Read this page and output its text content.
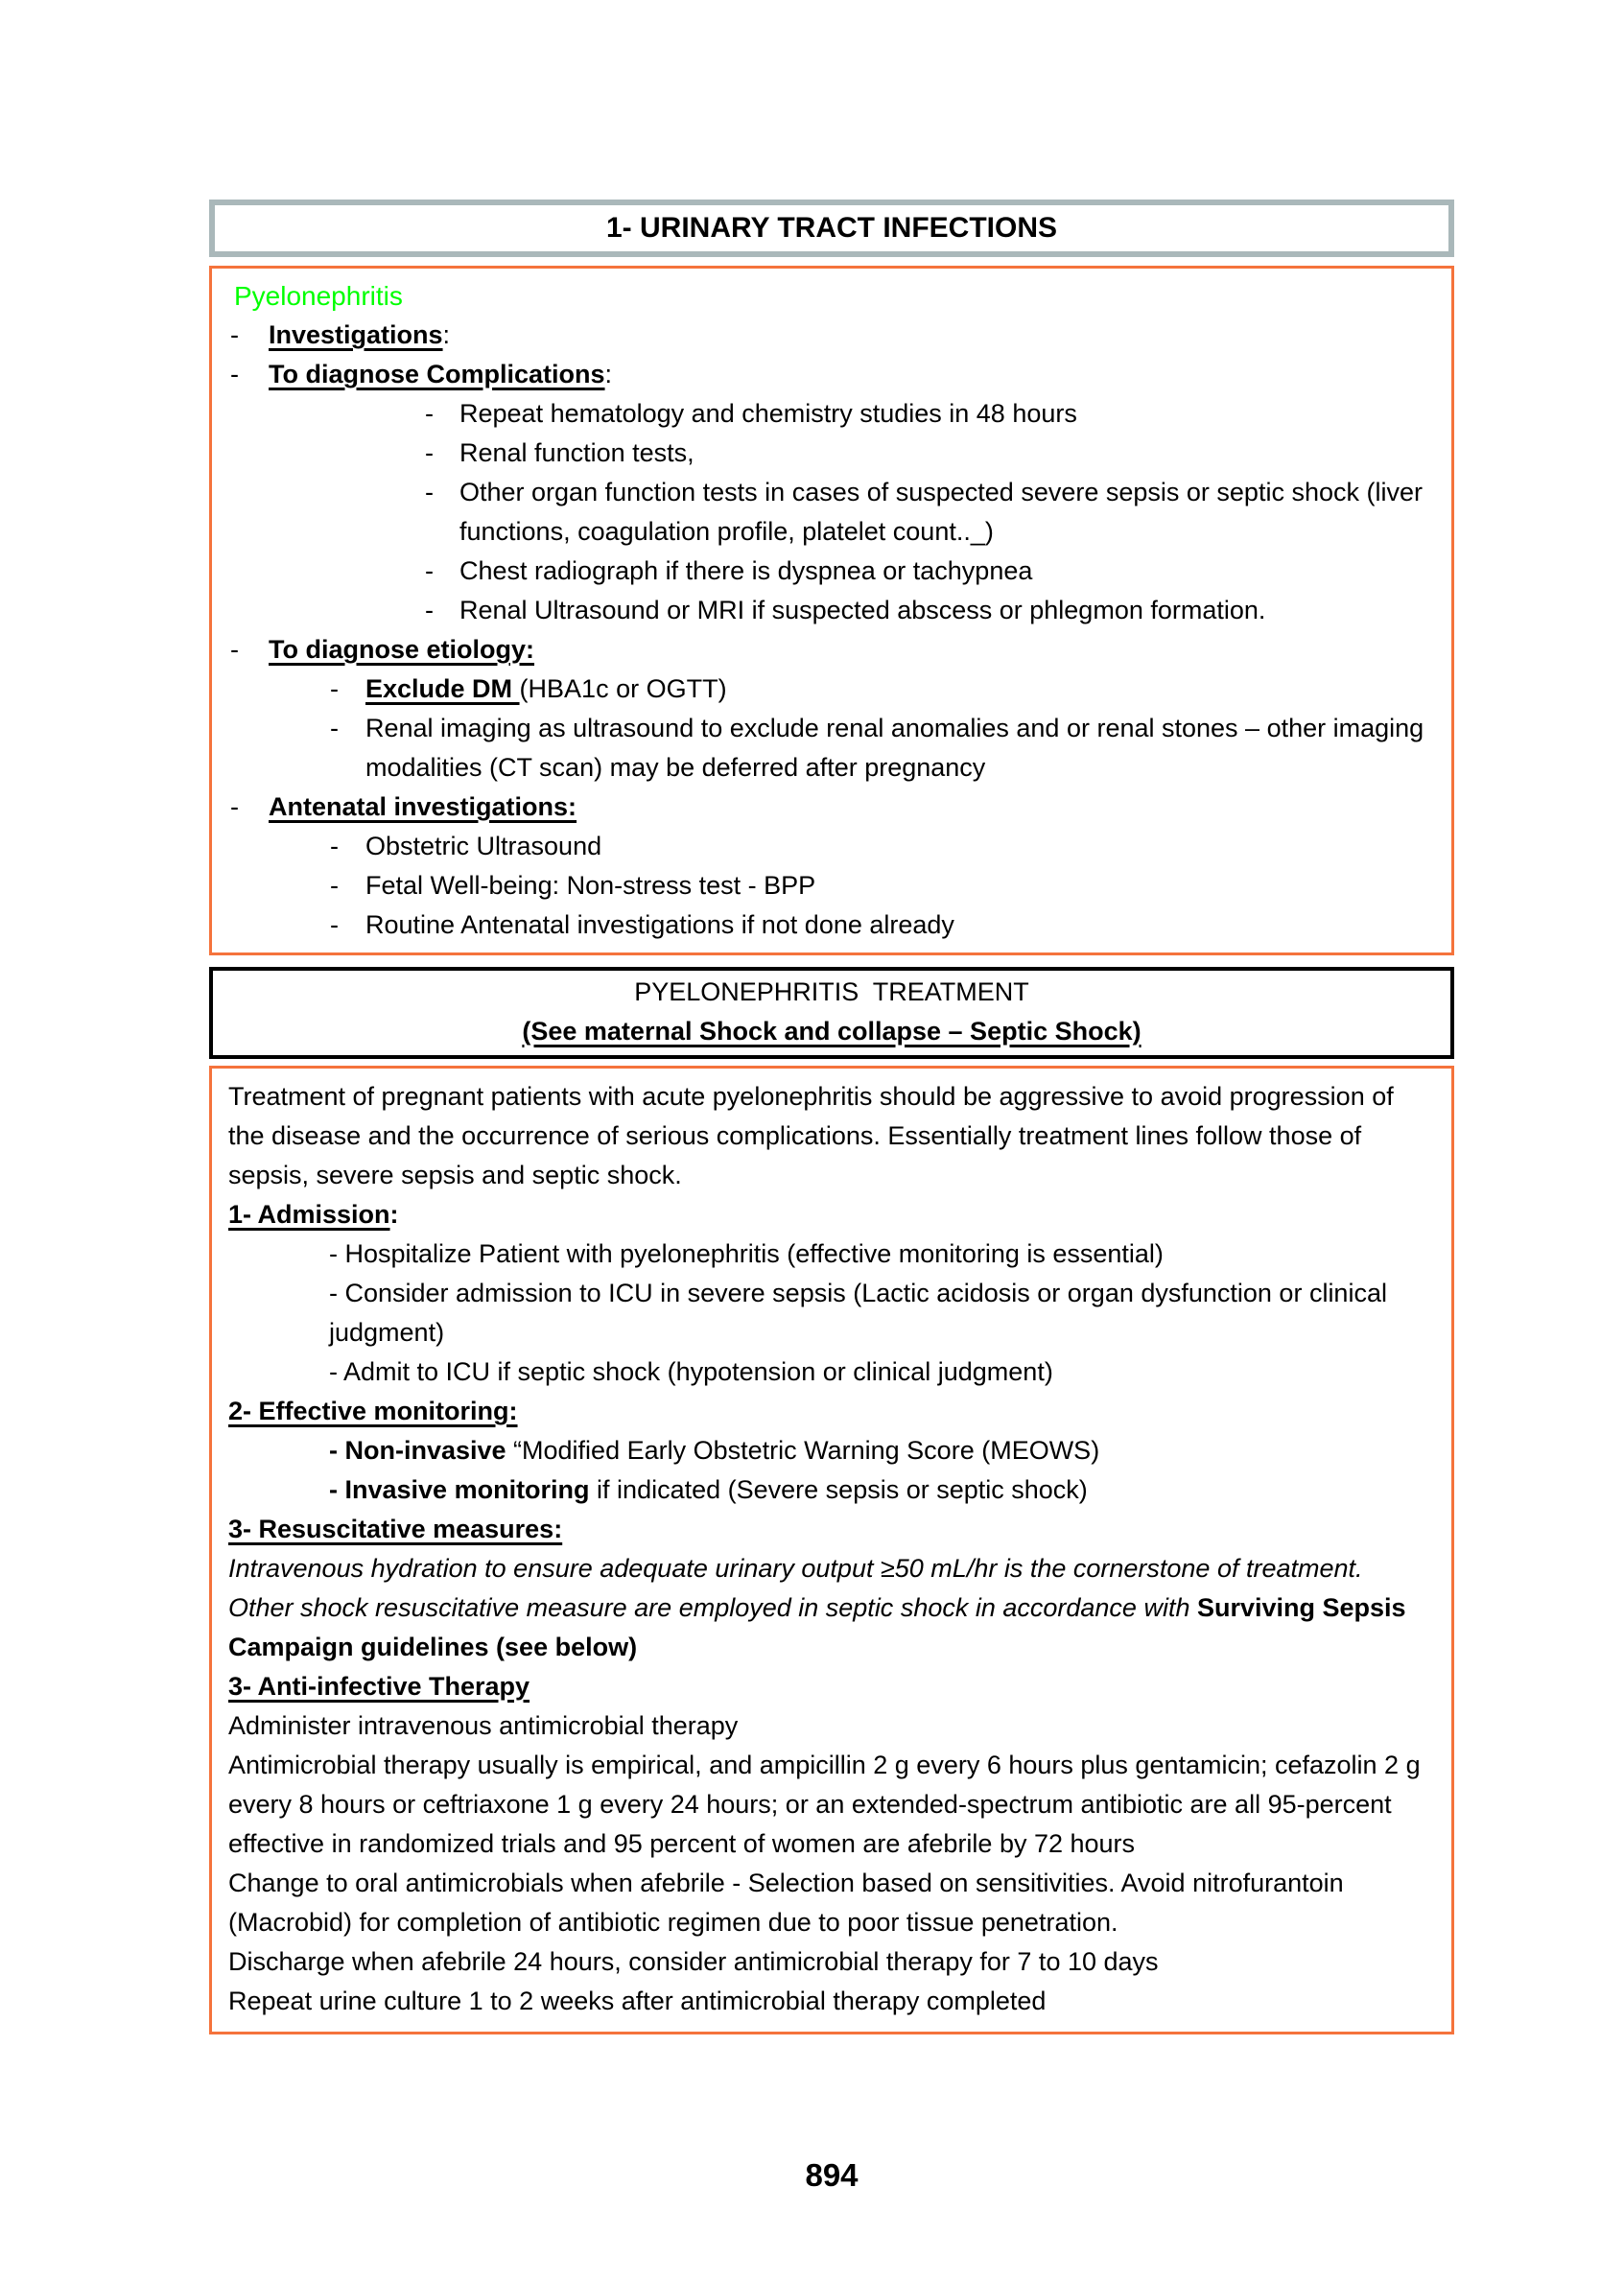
1- URINARY TRACT INFECTIONS
Pyelonephritis
-	Investigations:
-	To diagnose Complications:
-	Repeat hematology and chemistry studies in 48 hours
-	Renal function tests,
-	Other organ function tests in cases of suspected severe sepsis or septic shock (liver functions, coagulation profile, platelet count.._)
-	Chest radiograph if there is dyspnea or tachypnea
-	Renal Ultrasound or MRI if suspected abscess or phlegmon formation.
-	To diagnose etiology:
-	Exclude DM (HBA1c or OGTT)
-	Renal imaging as ultrasound to exclude renal anomalies and or renal stones – other imaging modalities (CT scan) may be deferred after pregnancy
-	Antenatal investigations:
-	Obstetric Ultrasound
-	Fetal Well-being: Non-stress test - BPP
-	Routine Antenatal investigations if not done already
PYELONEPHRITIS  TREATMENT
(See maternal Shock and collapse – Septic Shock)
Treatment of pregnant patients with acute pyelonephritis should be aggressive to avoid progression of the disease and the occurrence of serious complications. Essentially treatment lines follow those of sepsis, severe sepsis and septic shock.
1- Admission:
- Hospitalize Patient with pyelonephritis (effective monitoring is essential)
- Consider admission to ICU in severe sepsis (Lactic acidosis or organ dysfunction or clinical judgment)
- Admit to ICU if septic shock (hypotension or clinical judgment)
2- Effective monitoring:
- Non-invasive “Modified Early Obstetric Warning Score (MEOWS)
- Invasive monitoring if indicated (Severe sepsis or septic shock)
3- Resuscitative measures:
Intravenous hydration to ensure adequate urinary output ≥50 mL/hr is the cornerstone of treatment. Other shock resuscitative measure are employed in septic shock in accordance with Surviving Sepsis Campaign guidelines (see below)
3- Anti-infective Therapy
Administer intravenous antimicrobial therapy
Antimicrobial therapy usually is empirical, and ampicillin 2 g every 6 hours plus gentamicin; cefazolin 2 g every 8 hours or ceftriaxone 1 g every 24 hours; or an extended-spectrum antibiotic are all 95-percent effective in randomized trials and 95 percent of women are afebrile by 72 hours
Change to oral antimicrobials when afebrile - Selection based on sensitivities. Avoid nitrofurantoin (Macrobid) for completion of antibiotic regimen due to poor tissue penetration.
Discharge when afebrile 24 hours, consider antimicrobial therapy for 7 to 10 days
Repeat urine culture 1 to 2 weeks after antimicrobial therapy completed
894
